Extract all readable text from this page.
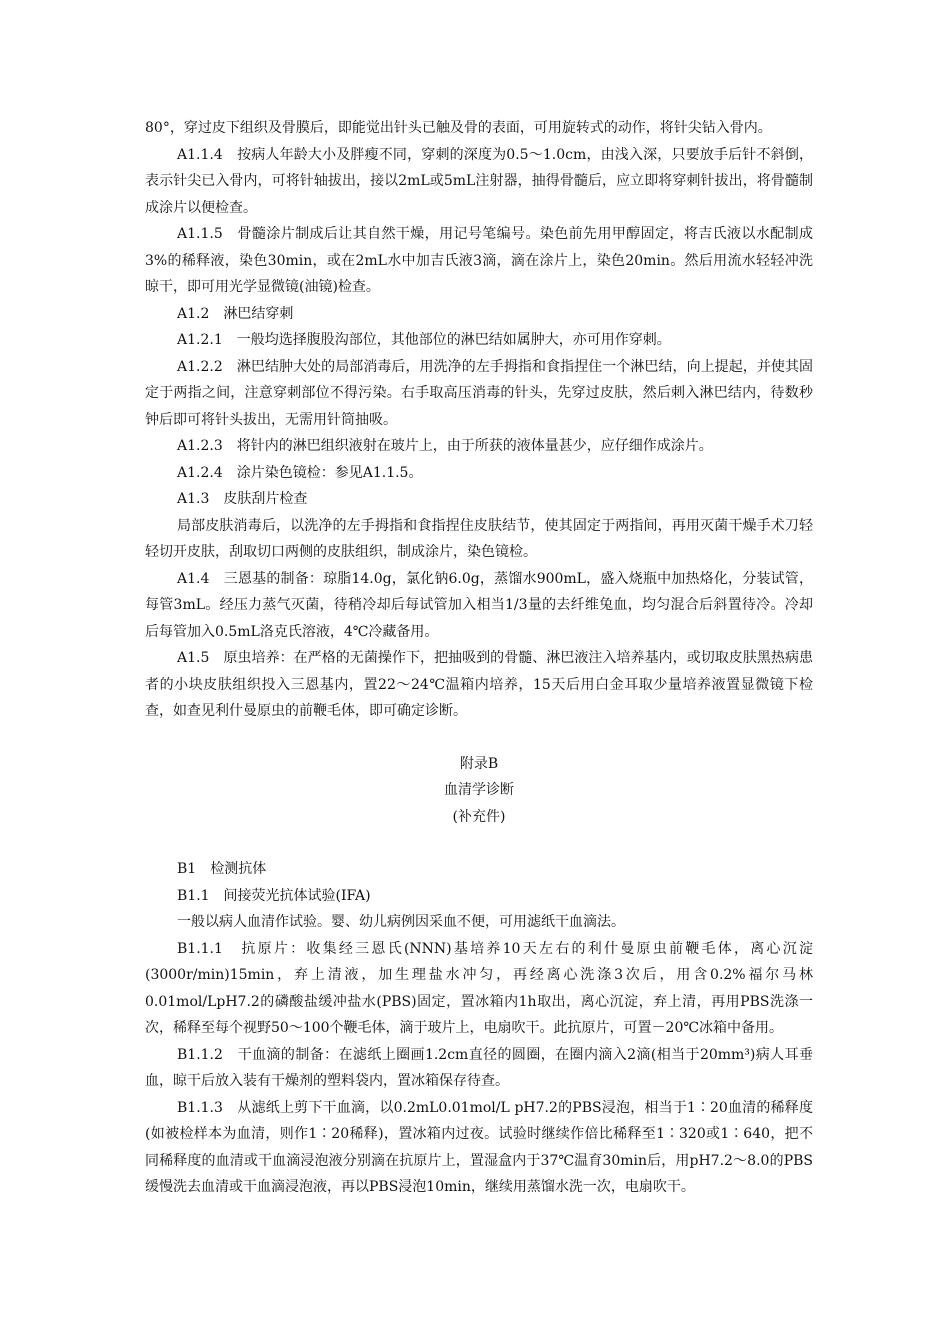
80°，穿过皮下组织及骨膜后，即能觉出针头已触及骨的表面，可用旋转式的动作，将针尖钻入骨内。

A1.1.4　按病人年龄大小及胖瘦不同，穿刺的深度为0.5～1.0cm，由浅入深，只要放手后针不斜倒，表示针尖已入骨内，可将针轴拔出，接以2mL或5mL注射器，抽得骨髓后，应立即将穿刺针拔出，将骨髓制成涂片以便检查。

A1.1.5　骨髓涂片制成后让其自然干燥，用记号笔编号。染色前先用甲醇固定，将吉氏液以水配制成3%的稀释液，染色30min，或在2mL水中加吉氏液3滴，滴在涂片上，染色20min。然后用流水轻轻冲洗晾干，即可用光学显微镜(油镜)检查。

A1.2　淋巴结穿刺

A1.2.1　一般均选择腹股沟部位，其他部位的淋巴结如属肿大，亦可用作穿刺。

A1.2.2　淋巴结肿大处的局部消毒后，用洗净的左手拇指和食指捏住一个淋巴结，向上提起，并使其固定于两指之间，注意穿刺部位不得污染。右手取高压消毒的针头，先穿过皮肤，然后刺入淋巴结内，待数秒钟后即可将针头拔出，无需用针筒抽吸。

A1.2.3　将针内的淋巴组织液射在玻片上，由于所获的液体量甚少，应仔细作成涂片。

A1.2.4　涂片染色镜检：参见A1.1.5。

A1.3　皮肤刮片检查

局部皮肤消毒后，以洗净的左手拇指和食指捏住皮肤结节，使其固定于两指间，再用灭菌干燥手术刀轻轻切开皮肤，刮取切口两侧的皮肤组织，制成涂片，染色镜检。

A1.4　三恩基的制备：琼脂14.0g，氯化钠6.0g，蒸馏水900mL，盛入烧瓶中加热烙化，分装试管，每管3mL。经压力蒸气灭菌，待稍冷却后每试管加入相当1/3量的去纤维兔血，均匀混合后斜置待冷。冷却后每管加入0.5mL洛克氏溶液，4℃冷藏备用。

A1.5　原虫培养：在严格的无菌操作下，把抽吸到的骨髓、淋巴液注入培养基内，或切取皮肤黑热病患者的小块皮肤组织投入三恩基内，置22～24℃温箱内培养，15天后用白金耳取少量培养液置显微镜下检查，如查见利什曼原虫的前鞭毛体，即可确定诊断。

附录B

血清学诊断

(补充件)

B1　检测抗体

B1.1　间接荧光抗体试验(IFA)

一般以病人血清作试验。婴、幼儿病例因采血不便，可用滤纸干血滴法。

B1.1.1　抗原片：收集经三恩氏(NNN)基培养10天左右的利什曼原虫前鞭毛体，离心沉淀(3000r/min)15min，弃上清液，加生理盐水冲匀，再经离心洗涤3次后，用含0.2%福尔马林0.01mol/LpH7.2的磷酸盐缓冲盐水(PBS)固定，置冰箱内1h取出，离心沉淀，弃上清，再用PBS洗涤一次，稀释至每个视野50～100个鞭毛体，滴于玻片上，电扇吹干。此抗原片，可置－20℃冰箱中备用。

B1.1.2　干血滴的制备：在滤纸上圈画1.2cm直径的圆圈，在圈内滴入2滴(相当于20mm³)病人耳垂血，晾干后放入装有干燥剂的塑料袋内，置冰箱保存待查。

B1.1.3　从滤纸上剪下干血滴，以0.2mL0.01mol/L pH7.2的PBS浸泡，相当于1∶20血清的稀释度(如被检样本为血清，则作1∶20稀释)，置冰箱内过夜。试验时继续作倍比稀释至1∶320或1∶640，把不同稀释度的血清或干血滴浸泡液分别滴在抗原片上，置湿盒内于37℃温育30min后，用pH7.2～8.0的PBS缓慢洗去血清或干血滴浸泡液，再以PBS浸泡10min，继续用蒸馏水洗一次，电扇吹干。
